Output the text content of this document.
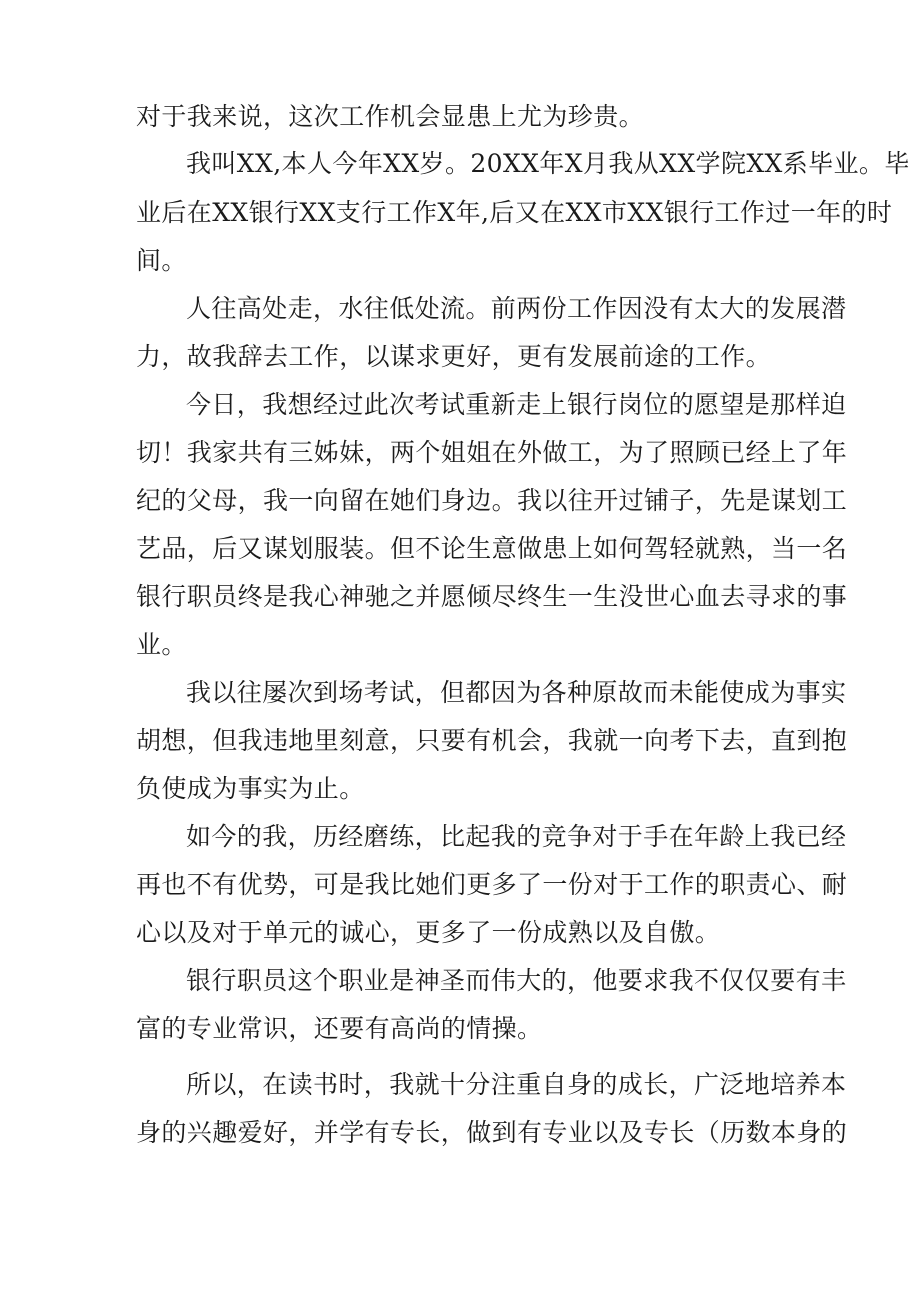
对于我来说，这次工作机会显患上尤为珍贵。
我叫XX,本人今年XX岁。20XX年X月我从XX学院XX系毕业。毕
业后在XX银行XX支行工作X年,后又在XX市XX银行工作过一年的时
间。
人往高处走，水往低处流。前两份工作因没有太大的发展潜
力，故我辞去工作，以谋求更好，更有发展前途的工作。
今日，我想经过此次考试重新走上银行岗位的愿望是那样迫
切！我家共有三姊妹，两个姐姐在外做工，为了照顾已经上了年
纪的父母，我一向留在她们身边。我以往开过铺子，先是谋划工
艺品，后又谋划服装。但不论生意做患上如何驾轻就熟，当一名
银行职员终是我心神驰之并愿倾尽终生一生没世心血去寻求的事
业。
我以往屡次到场考试，但都因为各种原故而未能使成为事实
胡想，但我违地里刻意，只要有机会，我就一向考下去，直到抱
负使成为事实为止。
如今的我，历经磨练，比起我的竞争对于手在年龄上我已经
再也不有优势，可是我比她们更多了一份对于工作的职责心、耐
心以及对于单元的诚心，更多了一份成熟以及自傲。
银行职员这个职业是神圣而伟大的，他要求我不仅仅要有丰
富的专业常识，还要有高尚的情操。
所以，在读书时，我就十分注重自身的成长，广泛地培养本
身的兴趣爱好，并学有专长，做到有专业以及专长（历数本身的
